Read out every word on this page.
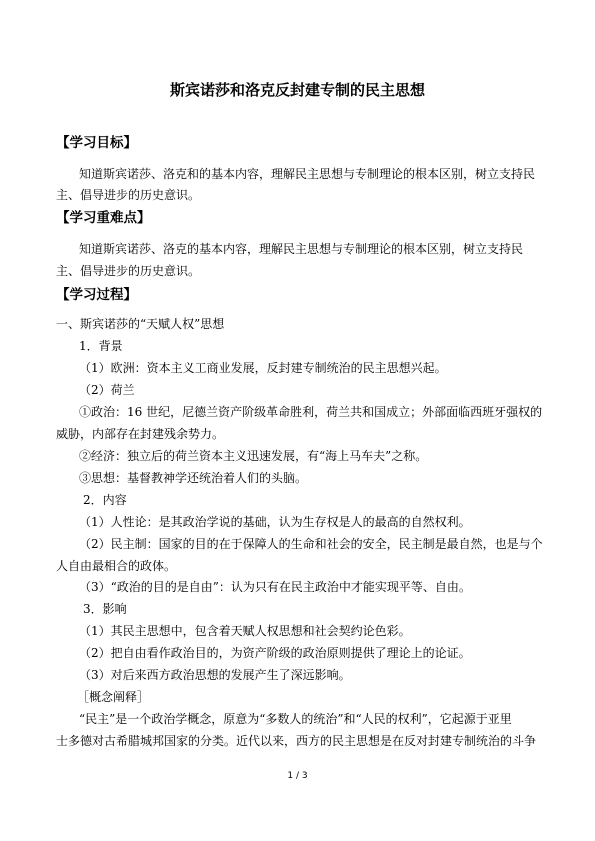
斯宾诺莎和洛克反封建专制的民主思想
【学习目标】
知道斯宾诺莎、洛克和的基本内容，理解民主思想与专制理论的根本区别，树立支持民
主、倡导进步的历史意识。
【学习重难点】
知道斯宾诺莎、洛克的基本内容，理解民主思想与专制理论的根本区别，树立支持民
主、倡导进步的历史意识。
【学习过程】
一、斯宾诺莎的“天赋人权”思想
1．背景
（1）欧洲：资本主义工商业发展，反封建专制统治的民主思想兴起。
（2）荷兰
①政治：16 世纪，尼德兰资产阶级革命胜利，荷兰共和国成立；外部面临西班牙强权的
威胁，内部存在封建残余势力。
②经济：独立后的荷兰资本主义迅速发展，有“海上马车夫”之称。
③思想：基督教神学还统治着人们的头脑。
2．内容
（1）人性论：是其政治学说的基础，认为生存权是人的最高的自然权利。
（2）民主制：国家的目的在于保障人的生命和社会的安全，民主制是最自然，也是与个
人自由最相合的政体。
（3）“政治的目的是自由”：认为只有在民主政治中才能实现平等、自由。
3．影响
（1）其民主思想中，包含着天赋人权思想和社会契约论色彩。
（2）把自由看作政治目的，为资产阶级的政治原则提供了理论上的论证。
（3）对后来西方政治思想的发展产生了深远影响。
［概念阐释］
“民主”是一个政治学概念，原意为“多数人的统治”和“人民的权利”，它起源于亚里
士多德对古希腊城邦国家的分类。近代以来，西方的民主思想是在反对封建专制统治的斗争
1 / 3
